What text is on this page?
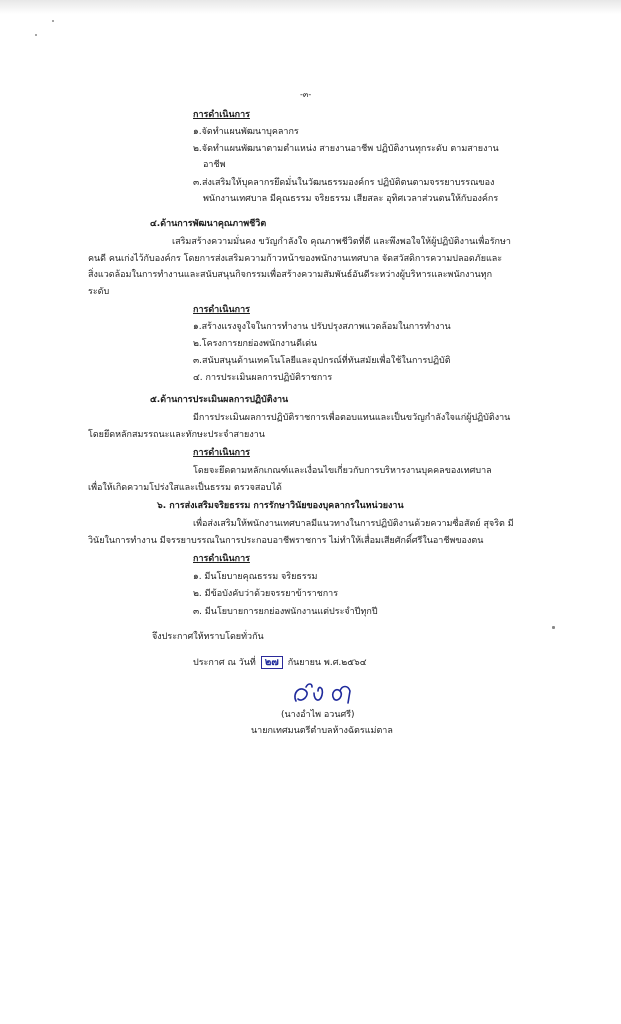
-๓-
การดำเนินการ
๑.จัดทำแผนพัฒนาบุคลากร
๒.จัดทำแผนพัฒนาตามตำแหน่ง สายงานอาชีพ ปฏิบัติงานทุกระดับ ตามสายงาน
อาชีพ
๓.ส่งเสริมให้บุคลากรยึดมั่นในวัฒนธรรมองค์กร ปฏิบัติตนตามจรรยาบรรณของ
พนักงานเทศบาล มีคุณธรรม จริยธรรม เสียสละ อุทิศเวลาส่วนตนให้กับองค์กร
๔.ด้านการพัฒนาคุณภาพชีวิต
เสริมสร้างความมั่นคง ขวัญกำลังใจ คุณภาพชีวิตที่ดี และพึงพอใจให้ผู้ปฏิบัติงานเพื่อรักษา
คนดี คนเก่งไว้กับองค์กร โดยการส่งเสริมความก้าวหน้าของพนักงานเทศบาล จัดสวัสดิการความปลอดภัยและ
สิ่งแวดล้อมในการทำงานและสนับสนุนกิจกรรมเพื่อสร้างความสัมพันธ์อันดีระหว่างผู้บริหารและพนักงานทุก
ระดับ
การดำเนินการ
๑.สร้างแรงจูงใจในการทำงาน ปรับปรุงสภาพแวดล้อมในการทำงาน
๒.โครงการยกย่องพนักงานดีเด่น
๓.สนับสนุนด้านเทคโนโลยีและอุปกรณ์ที่ทันสมัยเพื่อใช้ในการปฏิบัติ
๔. การประเมินผลการปฏิบัติราชการ
๕.ด้านการประเมินผลการปฏิบัติงาน
มีการประเมินผลการปฏิบัติราชการเพื่อตอบแทนและเป็นขวัญกำลังใจแก่ผู้ปฏิบัติงาน
โดยยึดหลักสมรรถนะและทักษะประจำสายงาน
การดำเนินการ
โดยจะยึดตามหลักเกณฑ์และเงื่อนไขเกี่ยวกับการบริหารงานบุคคลของเทศบาล
เพื่อให้เกิดความโปร่งใสและเป็นธรรม ตรวจสอบได้
๖. การส่งเสริมจริยธรรม การรักษาวินัยของบุคลากรในหน่วยงาน
เพื่อส่งเสริมให้พนักงานเทศบาลมีแนวทางในการปฏิบัติงานด้วยความซื่อสัตย์ สุจริต มี
วินัยในการทำงาน มีจรรยาบรรณในการประกอบอาชีพราชการ ไม่ทำให้เสื่อมเสียศักดิ์ศรีในอาชีพของตน
การดำเนินการ
๑. มีนโยบายคุณธรรม จริยธรรม
๒. มีข้อบังคับว่าด้วยจรรยาข้าราชการ
๓. มีนโยบายการยกย่องพนักงานแต่ประจำปีทุกปี
จึงประกาศให้ทราบโดยทั่วกัน
ประกาศ ณ วันที่ ๒๗ กันยายน พ.ศ.๒๕๖๔
(นางอำไพ อวนศรี)
นายกเทศมนตรีตำบลห้างฉัตรแม่ตาล
